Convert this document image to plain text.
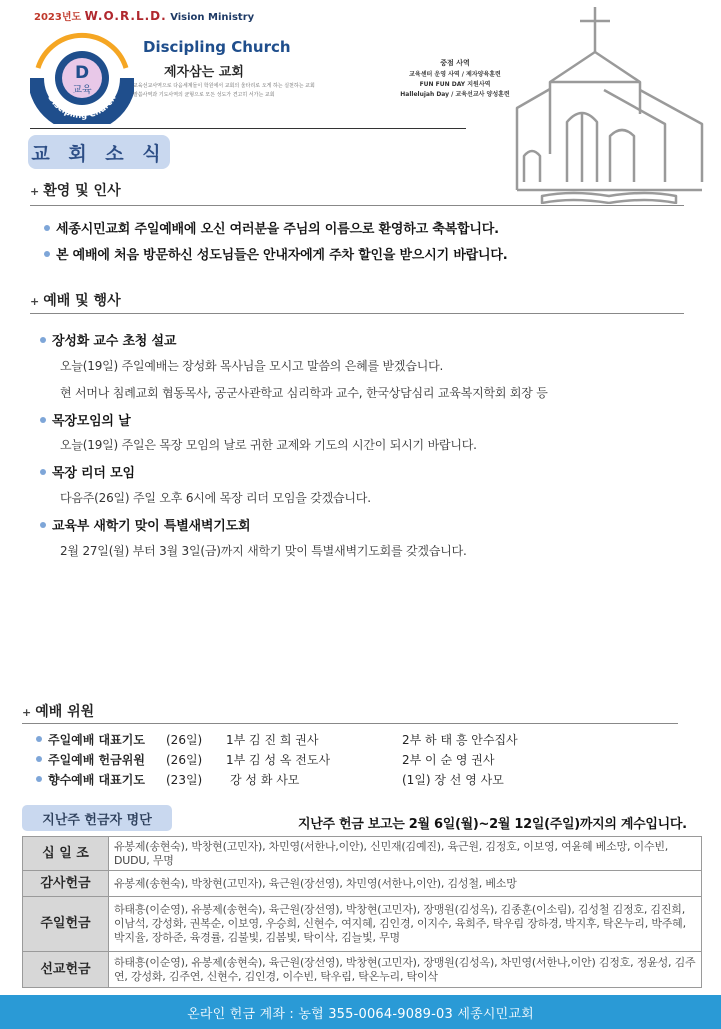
2023년도 W.O.R.L.D. Vision Ministry
D
교육
Discipling Church
Discipling Church
제자삼는 교회
교육선교사역으로 다음세계들이 학원에서 교회의 울타리로 오게 하는 실천하는 교회
말씀사역과 기도사역의 균형으로 모든 성도가 견고히 서가는 교회
중점 사역
교육센터 운영 사역 / 제자양육훈련
FUN FUN DAY 지원사역
Hallelujah Day / 교육선교사 양성훈련
교 회 소 식
+ 환영 및 인사
세종시민교회 주일예배에 오신 여러분을 주님의 이름으로 환영하고 축복합니다.
본 예배에 처음 방문하신 성도님들은 안내자에게 주차 할인을 받으시기 바랍니다.
+ 예배 및 행사
장성화 교수 초청 설교
오늘(19일) 주일예배는 장성화 목사님을 모시고 말씀의 은혜를 받겠습니다.
현 서머나 침례교회 협동목사, 공군사관학교 심리학과 교수, 한국상담심리 교육복지학회 회장 등
목장모임의 날
오늘(19일) 주일은 목장 모임의 날로 귀한 교제와 기도의 시간이 되시기 바랍니다.
목장 리더 모임
다음주(26일) 주일 오후 6시에 목장 리더 모임을 갖겠습니다.
교육부 새학기 맞이 특별새벽기도회
2월 27일(월) 부터 3월 3일(금)까지 새학기 맞이 특별새벽기도회를 갖겠습니다.
+ 예배 위원
주일예배 대표기도 (26일) 1부 김 진 희 권사	2부 하 태 흥 안수집사
주일예배 헌금위원 (26일) 1부 김 성 옥 전도사	2부 이 순 영 권사
향수예배 대표기도 (23일) 강 성 화 사모	(1일) 장 선 영 사모
지난주 헌금자 명단	지난주 헌금 보고는 2월 6일(월)~2월 12일(주일)까지의 계수입니다.
십 일 조	유봉제(송현숙), 박창현(고민자), 차민영(서한나,이안), 신민재(김예진), 육근원, 김정호, 이보영, 여윤혜 베소망, 이수빈, DUDU, 무명
감사헌금	유봉제(송현숙), 박창현(고민자), 육근원(장선영), 차민영(서한나,이안), 김성철, 베소망
주일헌금	하태흥(이순영), 유봉제(송현숙), 육근원(장선영), 박창현(고민자), 장맹원(김성옥), 김종훈(이소림), 김성철 김정호, 김진희, 이남석, 강성화, 권복순, 이보영, 우승희, 신현수, 여지혜, 김인경, 이지수, 육희주, 탁우림 장하경, 박지후, 탁온누리, 박주혜, 박지율, 장하준, 육경률, 김불빛, 김봄빛, 탁이삭, 김늘빛, 무명
선교헌금	하태흥(이순영), 유봉제(송현숙), 육근원(장선영), 박창현(고민자), 장맹원(김성옥), 차민영(서한나,이안) 김정호, 정윤성, 김주연, 강성화, 김주연, 신현수, 김인경, 이수빈, 탁우림, 탁온누리, 탁이삭
온라인 헌금 계좌 : 농협 355-0064-9089-03 세종시민교회
